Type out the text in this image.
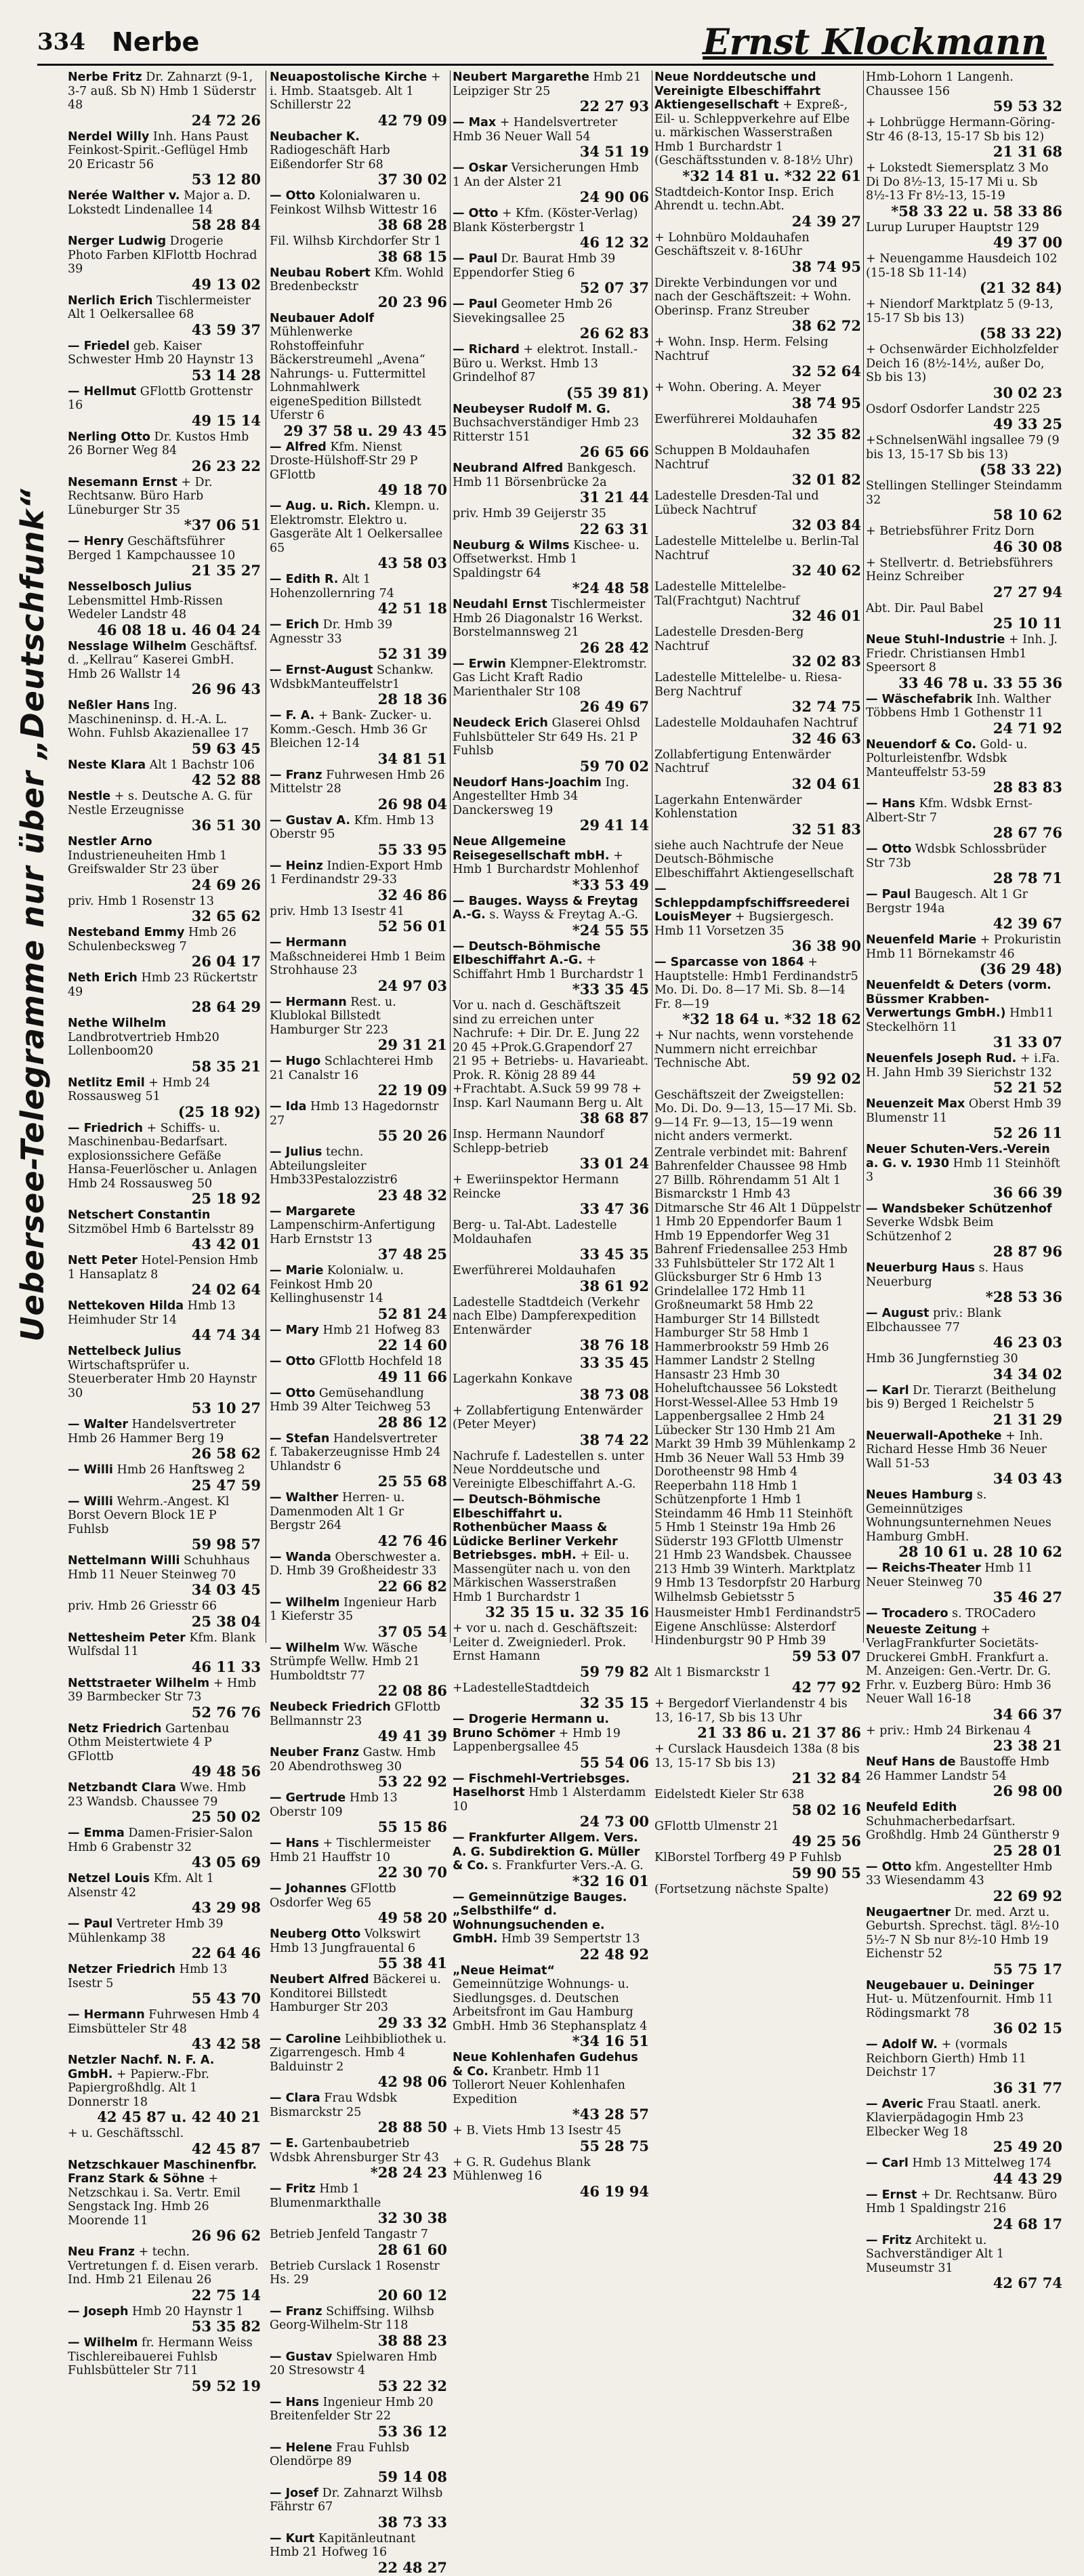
334 Nerbe	Ernst Klockmann
Uebersee-Telegramme nur über „Deutschfunk“
Nerbe Fritz Dr. Zahnarzt (9-1, 3-7 auß. Sb N) Hmb 1 Süderstr 48
24 72 26
Nerdel Willy Inh. Hans Paust Feinkost-Spirit.-Geflügel Hmb 20 Ericastr 56
53 12 80
Nerée Walther v. Major a. D. Lokstedt Lindenallee 14
58 28 84
Nerger Ludwig Drogerie Photo Farben KlFlottb Hochrad 39
49 13 02
Nerlich Erich Tischlermeister Alt 1 Oelkersallee 68
43 59 37
— Friedel geb. Kaiser Schwester Hmb 20 Haynstr 13
53 14 28
— Hellmut GFlottb Grottenstr 16
49 15 14
Nerling Otto Dr. Kustos Hmb 26 Borner Weg 84
26 23 22
Nesemann Ernst + Dr. Rechtsanw. Büro Harb Lüneburger Str 35
*37 06 51
— Henry Geschäftsführer Berged 1 Kampchaussee 10
21 35 27
Nesselbosch Julius Lebensmittel Hmb-Rissen Wedeler Landstr 48
46 08 18 u. 46 04 24
Nesslage Wilhelm Geschäftsf. d. „Kellrau“ Kaserei GmbH. Hmb 26 Wallstr 14
26 96 43
Neßler Hans Ing. Maschineninsp. d. H.-A. L. Wohn. Fuhlsb Akazienallee 17
59 63 45
Neste Klara Alt 1 Bachstr 106
42 52 88
Nestle + s. Deutsche A. G. für Nestle Erzeugnisse
36 51 30
Nestler Arno Industrieneuheiten Hmb 1 Greifswalder Str 23 über
24 69 26
priv. Hmb 1 Rosenstr 13
32 65 62
Nesteband Emmy Hmb 26 Schulenbecksweg 7
26 04 17
Neth Erich Hmb 23 Rückertstr 49
28 64 29
Nethe Wilhelm Landbrotvertrieb Hmb20 Lollenboom20
58 35 21
Netlitz Emil + Hmb 24 Rossausweg 51
(25 18 92)
— Friedrich + Schiffs- u. Maschinenbau-Bedarfsart. explosionssichere Gefäße Hansa-Feuerlöscher u. Anlagen Hmb 24 Rossausweg 50
25 18 92
Netschert Constantin Sitzmöbel Hmb 6 Bartelsstr 89
43 42 01
Nett Peter Hotel-Pension Hmb 1 Hansaplatz 8
24 02 64
Nettekoven Hilda Hmb 13 Heimhuder Str 14
44 74 34
Nettelbeck Julius Wirtschaftsprüfer u. Steuerberater Hmb 20 Haynstr 30
53 10 27
— Walter Handelsvertreter Hmb 26 Hammer Berg 19
26 58 62
— Willi Hmb 26 Hanftsweg 2
25 47 59
— Willi Wehrm.-Angest. Kl Borst Oevern Block 1E P Fuhlsb
59 98 57
Nettelmann Willi Schuhhaus Hmb 11 Neuer Steinweg 70
34 03 45
priv. Hmb 26 Griesstr 66
25 38 04
Nettesheim Peter Kfm. Blank Wulfsdal 11
46 11 33
Nettstraeter Wilhelm + Hmb 39 Barmbecker Str 73
52 76 76
Netz Friedrich Gartenbau Othm Meistertwiete 4 P GFlottb
49 48 56
Netzbandt Clara Wwe. Hmb 23 Wandsb. Chaussee 79
25 50 02
— Emma Damen-Frisier-Salon Hmb 6 Grabenstr 32
43 05 69
Netzel Louis Kfm. Alt 1 Alsenstr 42
43 29 98
— Paul Vertreter Hmb 39 Mühlenkamp 38
22 64 46
Netzer Friedrich Hmb 13 Isestr 5
55 43 70
— Hermann Fuhrwesen Hmb 4 Eimsbütteler Str 48
43 42 58
Netzler Nachf. N. F. A. GmbH. + Papierw.-Fbr. Papiergroßhdlg. Alt 1 Donnerstr 18
42 45 87 u. 42 40 21
+ u. Geschäftsschl.
42 45 87
Netzschkauer Maschinenfbr. Franz Stark & Söhne + Netzschkau i. Sa. Vertr. Emil Sengstack Ing. Hmb 26 Moorende 11
26 96 62
Neu Franz + techn. Vertretungen f. d. Eisen verarb. Ind. Hmb 21 Eilenau 26
22 75 14
— Joseph Hmb 20 Haynstr 1
53 35 82
— Wilhelm fr. Hermann Weiss Tischlereibauerei Fuhlsb Fuhlsbütteler Str 711
59 52 19
Neuapostolische Kirche + i. Hmb. Staatsgeb. Alt 1 Schillerstr 22
42 79 09
Neubacher K. Radiogeschäft Harb Eißendorfer Str 68
37 30 02
— Otto Kolonialwaren u. Feinkost Wilhsb Wittestr 16
38 68 28
Fil. Wilhsb Kirchdorfer Str 1
38 68 15
Neubau Robert Kfm. Wohld Bredenbeckstr
20 23 96
Neubauer Adolf Mühlenwerke Rohstoffeinfuhr Bäckerstreumehl „Avena“ Nahrungs- u. Futtermittel Lohnmahlwerk eigeneSpedition Billstedt Uferstr 6
29 37 58 u. 29 43 45
— Alfred Kfm. Nienst Droste-Hülshoff-Str 29 P GFlottb
49 18 70
— Aug. u. Rich. Klempn. u. Elektromstr. Elektro u. Gasgeräte Alt 1 Oelkersallee 65
43 58 03
— Edith R. Alt 1 Hohenzollernring 74
42 51 18
— Erich Dr. Hmb 39 Agnesstr 33
52 31 39
— Ernst-August Schankw. WdsbkManteuffelstr1
28 18 36
— F. A. + Bank- Zucker- u. Komm.-Gesch. Hmb 36 Gr Bleichen 12-14
34 81 51
— Franz Fuhrwesen Hmb 26 Mittelstr 28
26 98 04
— Gustav A. Kfm. Hmb 13 Oberstr 95
55 33 95
— Heinz Indien-Export Hmb 1 Ferdinandstr 29-33
32 46 86
priv. Hmb 13 Isestr 41
52 56 01
— Hermann Maßschneiderei Hmb 1 Beim Strohhause 23
24 97 03
— Hermann Rest. u. Klublokal Billstedt Hamburger Str 223
29 31 21
— Hugo Schlachterei Hmb 21 Canalstr 16
22 19 09
— Ida Hmb 13 Hagedornstr 27
55 20 26
— Julius techn. Abteilungsleiter Hmb33Pestalozzistr6
23 48 32
— Margarete Lampenschirm-Anfertigung Harb Ernststr 13
37 48 25
— Marie Kolonialw. u. Feinkost Hmb 20 Kellinghusenstr 14
52 81 24
— Mary Hmb 21 Hofweg 83
22 14 60
— Otto GFlottb Hochfeld 18
49 11 66
— Otto Gemüsehandlung Hmb 39 Alter Teichweg 53
28 86 12
— Stefan Handelsvertreter f. Tabakerzeugnisse Hmb 24 Uhlandstr 6
25 55 68
— Walther Herren- u. Damenmoden Alt 1 Gr Bergstr 264
42 76 46
— Wanda Oberschwester a. D. Hmb 39 Großheidestr 33
22 66 82
— Wilhelm Ingenieur Harb 1 Kieferstr 35
37 05 54
— Wilhelm Ww. Wäsche Strümpfe Wellw. Hmb 21 Humboldtstr 77
22 08 86
Neubeck Friedrich GFlottb Bellmannstr 23
49 41 39
Neuber Franz Gastw. Hmb 20 Abendrothsweg 30
53 22 92
— Gertrude Hmb 13 Oberstr 109
55 15 86
— Hans + Tischlermeister Hmb 21 Hauffstr 10
22 30 70
— Johannes GFlottb Osdorfer Weg 65
49 58 20
Neuberg Otto Volkswirt Hmb 13 Jungfrauental 6
55 38 41
Neubert Alfred Bäckerei u. Konditorei Billstedt Hamburger Str 203
29 33 32
— Caroline Leihbibliothek u. Zigarrengesch. Hmb 4 Balduinstr 2
42 98 06
— Clara Frau Wdsbk Bismarckstr 25
28 88 50
— E. Gartenbaubetrieb Wdsbk Ahrensburger Str 43
*28 24 23
— Fritz Hmb 1 Blumenmarkthalle
32 30 38
Betrieb Jenfeld Tangastr 7
28 61 60
Betrieb Curslack 1 Rosenstr Hs. 29
20 60 12
— Franz Schiffsing. Wilhsb Georg-Wilhelm-Str 118
38 88 23
— Gustav Spielwaren Hmb 20 Stresowstr 4
53 22 32
— Hans Ingenieur Hmb 20 Breitenfelder Str 22
53 36 12
— Helene Frau Fuhlsb Olendörpe 89
59 14 08
— Josef Dr. Zahnarzt Wilhsb Fährstr 67
38 73 33
— Kurt Kapitänleutnant Hmb 21 Hofweg 16
22 48 27
Neubert Margarethe Hmb 21 Leipziger Str 25
22 27 93
— Max + Handelsvertreter Hmb 36 Neuer Wall 54
34 51 19
— Oskar Versicherungen Hmb 1 An der Alster 21
24 90 06
— Otto + Kfm. (Köster-Verlag) Blank Kösterbergstr 1
46 12 32
— Paul Dr. Baurat Hmb 39 Eppendorfer Stieg 6
52 07 37
— Paul Geometer Hmb 26 Sievekingsallee 25
26 62 83
— Richard + elektrot. Install.-Büro u. Werkst. Hmb 13 Grindelhof 87
(55 39 81)
Neubeyser Rudolf M. G. Buchsachverständiger Hmb 23 Ritterstr 151
26 65 66
Neubrand Alfred Bankgesch. Hmb 11 Börsenbrücke 2a
31 21 44
priv. Hmb 39 Geijerstr 35
22 63 31
Neuburg & Wilms Kischee- u. Offsetwerkst. Hmb 1 Spaldingstr 64
*24 48 58
Neudahl Ernst Tischlermeister Hmb 26 Diagonalstr 16 Werkst. Borstelmannsweg 21
26 28 42
— Erwin Klempner-Elektromstr. Gas Licht Kraft Radio Marienthaler Str 108
26 49 67
Neudeck Erich Glaserei Ohlsd Fuhlsbütteler Str 649 Hs. 21 P Fuhlsb
59 70 02
Neudorf Hans-Joachim Ing. Angestellter Hmb 34 Danckersweg 19
29 41 14
Neue Allgemeine Reisegesellschaft mbH. + Hmb 1 Burchardstr Mohlenhof
*33 53 49
— Bauges. Wayss & Freytag A.-G. s. Wayss & Freytag A.-G.
*24 55 55
— Deutsch-Böhmische Elbeschiffahrt A.-G. + Schiffahrt Hmb 1 Burchardstr 1
*33 35 45
Vor u. nach d. Geschäftszeit sind zu erreichen unter Nachrufe: + Dir. Dr. E. Jung 22 20 45 +Prok.G.Grapendorf 27 21 95 + Betriebs- u. Havarieabt. Prok. R. König 28 89 44 +Frachtabt. A.Suck 59 99 78 + Insp. Karl Naumann Berg u. Alt
38 68 87
Insp. Hermann Naundorf Schlepp-betrieb
33 01 24
+ Eweriinspektor Hermann Reincke
33 47 36
Berg- u. Tal-Abt. Ladestelle Moldauhafen
33 45 35
Ewerführerei Moldauhafen
38 61 92
Ladestelle Stadtdeich (Verkehr nach Elbe) Dampferexpedition Entenwärder
38 76 18
33 35 45
Lagerkahn Konkave
38 73 08
+ Zollabfertigung Entenwärder (Peter Meyer)
38 74 22
Nachrufe f. Ladestellen s. unter Neue Norddeutsche und Vereinigte Elbeschiffahrt A.-G.
— Deutsch-Böhmische Elbeschiffahrt u. Rothenbücher Maass & Lüdicke Berliner Verkehr Betriebsges. mbH. + Eil- u. Massengüter nach u. von den Märkischen Wasserstraßen Hmb 1 Burchardstr 1
32 35 15 u. 32 35 16
+ vor u. nach d. Geschäftszeit: Leiter d. Zweigniederl. Prok. Ernst Hamann
59 79 82
+LadestelleStadtdeich
32 35 15
— Drogerie Hermann u. Bruno Schömer + Hmb 19 Lappenbergsallee 45
55 54 06
— Fischmehl-Vertriebsges. Haselhorst Hmb 1 Alsterdamm 10
24 73 00
— Frankfurter Allgem. Vers. A. G. Subdirektion G. Müller & Co. s. Frankfurter Vers.-A. G.
*32 16 01
— Gemeinnützige Bauges. „Selbsthilfe“ d. Wohnungsuchenden e. GmbH. Hmb 39 Sempertstr 13
22 48 92
„Neue Heimat“ Gemeinnützige Wohnungs- u. Siedlungsges. d. Deutschen Arbeitsfront im Gau Hamburg GmbH. Hmb 36 Stephansplatz 4
*34 16 51
Neue Kohlenhafen Gudehus & Co. Kranbetr. Hmb 11 Tollerort Neuer Kohlenhafen Expedition
*43 28 57
+ B. Viets Hmb 13 Isestr 45
55 28 75
+ G. R. Gudehus Blank Mühlenweg 16
46 19 94
Neue Norddeutsche und Vereinigte Elbeschiffahrt Aktiengesellschaft + Expreß-, Eil- u. Schleppverkehre auf Elbe u. märkischen Wasserstraßen Hmb 1 Burchardstr 1 (Geschäftsstunden v. 8-18½ Uhr)
*32 14 81 u. *32 22 61
Stadtdeich-Kontor Insp. Erich Ahrendt u. techn.Abt.
24 39 27
+ Lohnbüro Moldauhafen Geschäftszeit v. 8-16Uhr
38 74 95
Direkte Verbindungen vor und nach der Geschäftszeit: + Wohn. Oberinsp. Franz Streuber
38 62 72
+ Wohn. Insp. Herm. Felsing Nachtruf
32 52 64
+ Wohn. Obering. A. Meyer
38 74 95
Ewerführerei Moldauhafen
32 35 82
Schuppen B Moldauhafen Nachtruf
32 01 82
Ladestelle Dresden-Tal und Lübeck Nachtruf
32 03 84
Ladestelle Mittelelbe u. Berlin-Tal Nachtruf
32 40 62
Ladestelle Mittelelbe-Tal(Frachtgut) Nachtruf
32 46 01
Ladestelle Dresden-Berg Nachtruf
32 02 83
Ladestelle Mittelelbe- u. Riesa-Berg Nachtruf
32 74 75
Ladestelle Moldauhafen Nachtruf
32 46 63
Zollabfertigung Entenwärder Nachtruf
32 04 61
Lagerkahn Entenwärder Kohlenstation
32 51 83
siehe auch Nachtrufe der Neue Deutsch-Böhmische Elbeschiffahrt Aktiengesellschaft
— Schleppdampfschiffsreederei LouisMeyer + Bugsiergesch. Hmb 11 Vorsetzen 35
36 38 90
— Sparcasse von 1864 + Hauptstelle: Hmb1 Ferdinandstr5 Mo. Di. Do. 8—17 Mi. Sb. 8—14 Fr. 8—19
*32 18 64 u. *32 18 62
+ Nur nachts, wenn vorstehende Nummern nicht erreichbar Technische Abt.
59 92 02
Geschäftszeit der Zweigstellen: Mo. Di. Do. 9—13, 15—17 Mi. Sb. 9—14 Fr. 9—13, 15—19 wenn nicht anders vermerkt.
Zentrale verbindet mit: Bahrenf Bahrenfelder Chaussee 98 Hmb 27 Billb. Röhrendamm 51 Alt 1 Bismarckstr 1 Hmb 43 Ditmarsche Str 46 Alt 1 Düppelstr 1 Hmb 20 Eppendorfer Baum 1 Hmb 19 Eppendorfer Weg 31 Bahrenf Friedensallee 253 Hmb 33 Fuhlsbütteler Str 172 Alt 1 Glücksburger Str 6 Hmb 13 Grindelallee 172 Hmb 11 Großneumarkt 58 Hmb 22 Hamburger Str 14 Billstedt Hamburger Str 58 Hmb 1 Hammerbrookstr 59 Hmb 26 Hammer Landstr 2 Stellng Hansastr 23 Hmb 30 Hoheluftchaussee 56 Lokstedt Horst-Wessel-Allee 53 Hmb 19 Lappenbergsallee 2 Hmb 24 Lübecker Str 130 Hmb 21 Am Markt 39 Hmb 39 Mühlenkamp 2 Hmb 36 Neuer Wall 53 Hmb 39 Dorotheenstr 98 Hmb 4 Reeperbahn 118 Hmb 1 Schützenpforte 1 Hmb 1 Steindamm 46 Hmb 11 Steinhöft 5 Hmb 1 Steinstr 19a Hmb 26 Süderstr 193 GFlottb Ulmenstr 21 Hmb 23 Wandsbek. Chaussee 213 Hmb 39 Winterh. Marktplatz 9 Hmb 13 Tesdorpfstr 20 Harburg Wilhelmsb Gebietsstr 5
Hausmeister Hmb1 Ferdinandstr5 Eigene Anschlüsse: Alsterdorf Hindenburgstr 90 P Hmb 39
59 53 07
Alt 1 Bismarckstr 1
42 77 92
+ Bergedorf Vierlandenstr 4 bis 13, 16-17, Sb bis 13 Uhr
21 33 86 u. 21 37 86
+ Curslack Hausdeich 138a (8 bis 13, 15-17 Sb bis 13)
21 32 84
Eidelstedt Kieler Str 638
58 02 16
GFlottb Ulmenstr 21
49 25 56
KlBorstel Torfberg 49 P Fuhlsb
59 90 55
(Fortsetzung nächste Spalte)
Hmb-Lohorn 1 Langenh. Chaussee 156
59 53 32
+ Lohbrügge Hermann-Göring-Str 46 (8-13, 15-17 Sb bis 12)
21 31 68
+ Lokstedt Siemersplatz 3 Mo Di Do 8½-13, 15-17 Mi u. Sb 8½-13 Fr 8½-13, 15-19
*58 33 22 u. 58 33 86
Lurup Luruper Hauptstr 129
49 37 00
+ Neuengamme Hausdeich 102 (15-18 Sb 11-14)
(21 32 84)
+ Niendorf Marktplatz 5 (9-13, 15-17 Sb bis 13)
(58 33 22)
+ Ochsenwärder Eichholzfelder Deich 16 (8½-14½, außer Do, Sb bis 13)
30 02 23
Osdorf Osdorfer Landstr 225
49 33 25
+SchnelsenWähl ingsallee 79 (9 bis 13, 15-17 Sb bis 13)
(58 33 22)
Stellingen Stellinger Steindamm 32
58 10 62
+ Betriebsführer Fritz Dorn
46 30 08
+ Stellvertr. d. Betriebsführers Heinz Schreiber
27 27 94
Abt. Dir. Paul Babel
25 10 11
Neue Stuhl-Industrie + Inh. J. Friedr. Christiansen Hmb1 Speersort 8
33 46 78 u. 33 55 36
— Wäschefabrik Inh. Walther Többens Hmb 1 Gothenstr 11
24 71 92
Neuendorf & Co. Gold- u. Polturleistenfbr. Wdsbk Manteuffelstr 53-59
28 83 83
— Hans Kfm. Wdsbk Ernst-Albert-Str 7
28 67 76
— Otto Wdsbk Schlossbrüder Str 73b
28 78 71
— Paul Baugesch. Alt 1 Gr Bergstr 194a
42 39 67
Neuenfeld Marie + Prokuristin Hmb 11 Börnekamstr 46
(36 29 48)
Neuenfeldt & Deters (vorm. Büssmer Krabben-Verwertungs GmbH.) Hmb11 Steckelhörn 11
31 33 07
Neuenfels Joseph Rud. + i.Fa. H. Jahn Hmb 39 Sierichstr 132
52 21 52
Neuenzeit Max Oberst Hmb 39 Blumenstr 11
52 26 11
Neuer Schuten-Vers.-Verein a. G. v. 1930 Hmb 11 Steinhöft 3
36 66 39
— Wandsbeker Schützenhof Severke Wdsbk Beim Schützenhof 2
28 87 96
Neuerburg Haus s. Haus Neuerburg
*28 53 36
— August priv.: Blank Elbchaussee 77
46 23 03
Hmb 36 Jungfernstieg 30
34 34 02
— Karl Dr. Tierarzt (Beithelung bis 9) Berged 1 Reichelstr 5
21 31 29
Neuerwall-Apotheke + Inh. Richard Hesse Hmb 36 Neuer Wall 51-53
34 03 43
Neues Hamburg s. Gemeinnütziges Wohnungsunternehmen Neues Hamburg GmbH.
28 10 61 u. 28 10 62
— Reichs-Theater Hmb 11 Neuer Steinweg 70
35 46 27
— Trocadero s. TROCadero
Neueste Zeitung + VerlagFrankfurter Societäts-Druckerei GmbH. Frankfurt a. M. Anzeigen: Gen.-Vertr. Dr. G. Frhr. v. Euzberg Büro: Hmb 36 Neuer Wall 16-18
34 66 37
+ priv.: Hmb 24 Birkenau 4
23 38 21
Neuf Hans de Baustoffe Hmb 26 Hammer Landstr 54
26 98 00
Neufeld Edith Schuhmacherbedarfsart. Großhdlg. Hmb 24 Güntherstr 9
25 28 01
— Otto kfm. Angestellter Hmb 33 Wiesendamm 43
22 69 92
Neugaertner Dr. med. Arzt u. Geburtsh. Sprechst. tägl. 8½-10 5½-7 N Sb nur 8½-10 Hmb 19 Eichenstr 52
55 75 17
Neugebauer u. Deininger Hut- u. Mützenfournit. Hmb 11 Rödingsmarkt 78
36 02 15
— Adolf W. + (vormals Reichborn Gierth) Hmb 11 Deichstr 17
36 31 77
— Averic Frau Staatl. anerk. Klavierpädagogin Hmb 23 Elbecker Weg 18
25 49 20
— Carl Hmb 13 Mittelweg 174
44 43 29
— Ernst + Dr. Rechtsanw. Büro Hmb 1 Spaldingstr 216
24 68 17
— Fritz Architekt u. Sachverständiger Alt 1 Museumstr 31
42 67 74
